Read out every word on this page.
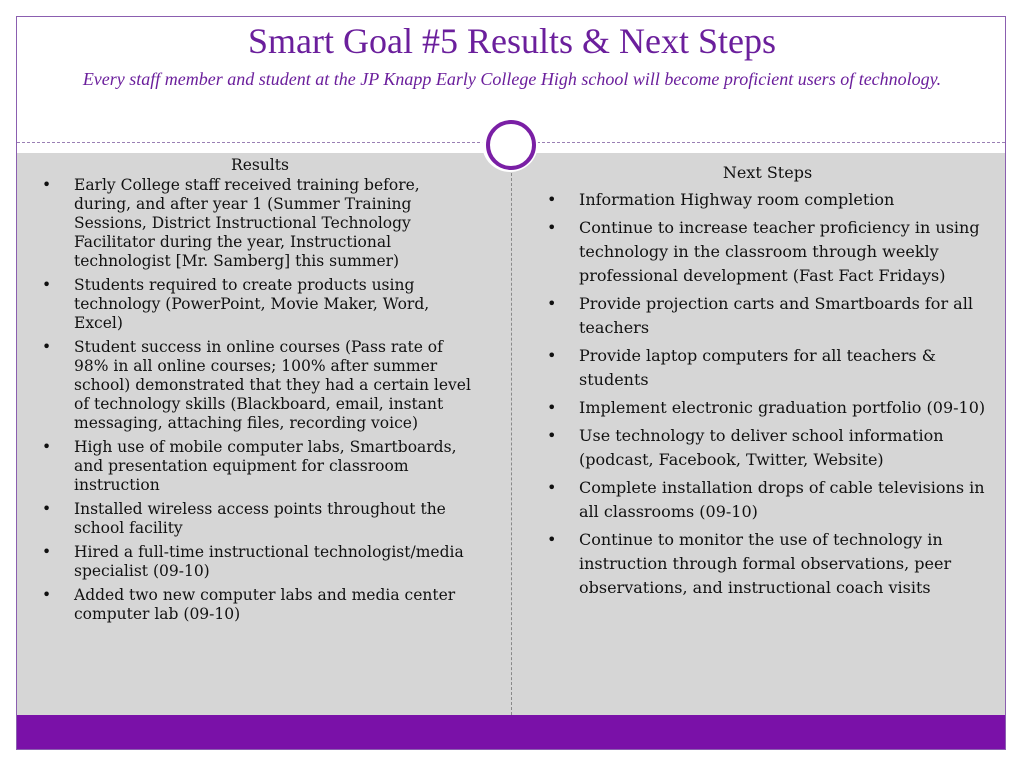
Smart Goal #5 Results & Next Steps
Every staff member and student at the JP Knapp Early College High school will become proficient users of technology.
Results
• Early College staff received training before, during, and after year 1 (Summer Training Sessions, District Instructional Technology Facilitator during the year, Instructional technologist [Mr. Samberg] this summer)
• Students required to create products using technology (PowerPoint, Movie Maker, Word, Excel)
• Student success in online courses (Pass rate of 98% in all online courses; 100% after summer school) demonstrated that they had a certain level of technology skills (Blackboard, email, instant messaging, attaching files, recording voice)
• High use of mobile computer labs, Smartboards, and presentation equipment for classroom instruction
• Installed wireless access points throughout the school facility
• Hired a full-time instructional technologist/media specialist (09-10)
• Added two new computer labs and media center computer lab (09-10)
Next Steps
• Information Highway room completion
• Continue to increase teacher proficiency in using technology in the classroom through weekly professional development (Fast Fact Fridays)
• Provide projection carts and Smartboards for all teachers
• Provide laptop computers for all teachers & students
• Implement electronic graduation portfolio (09-10)
• Use technology to deliver school information (podcast, Facebook, Twitter, Website)
• Complete installation drops of cable televisions in all classrooms (09-10)
• Continue to monitor the use of technology in instruction through formal observations, peer observations, and instructional coach visits
